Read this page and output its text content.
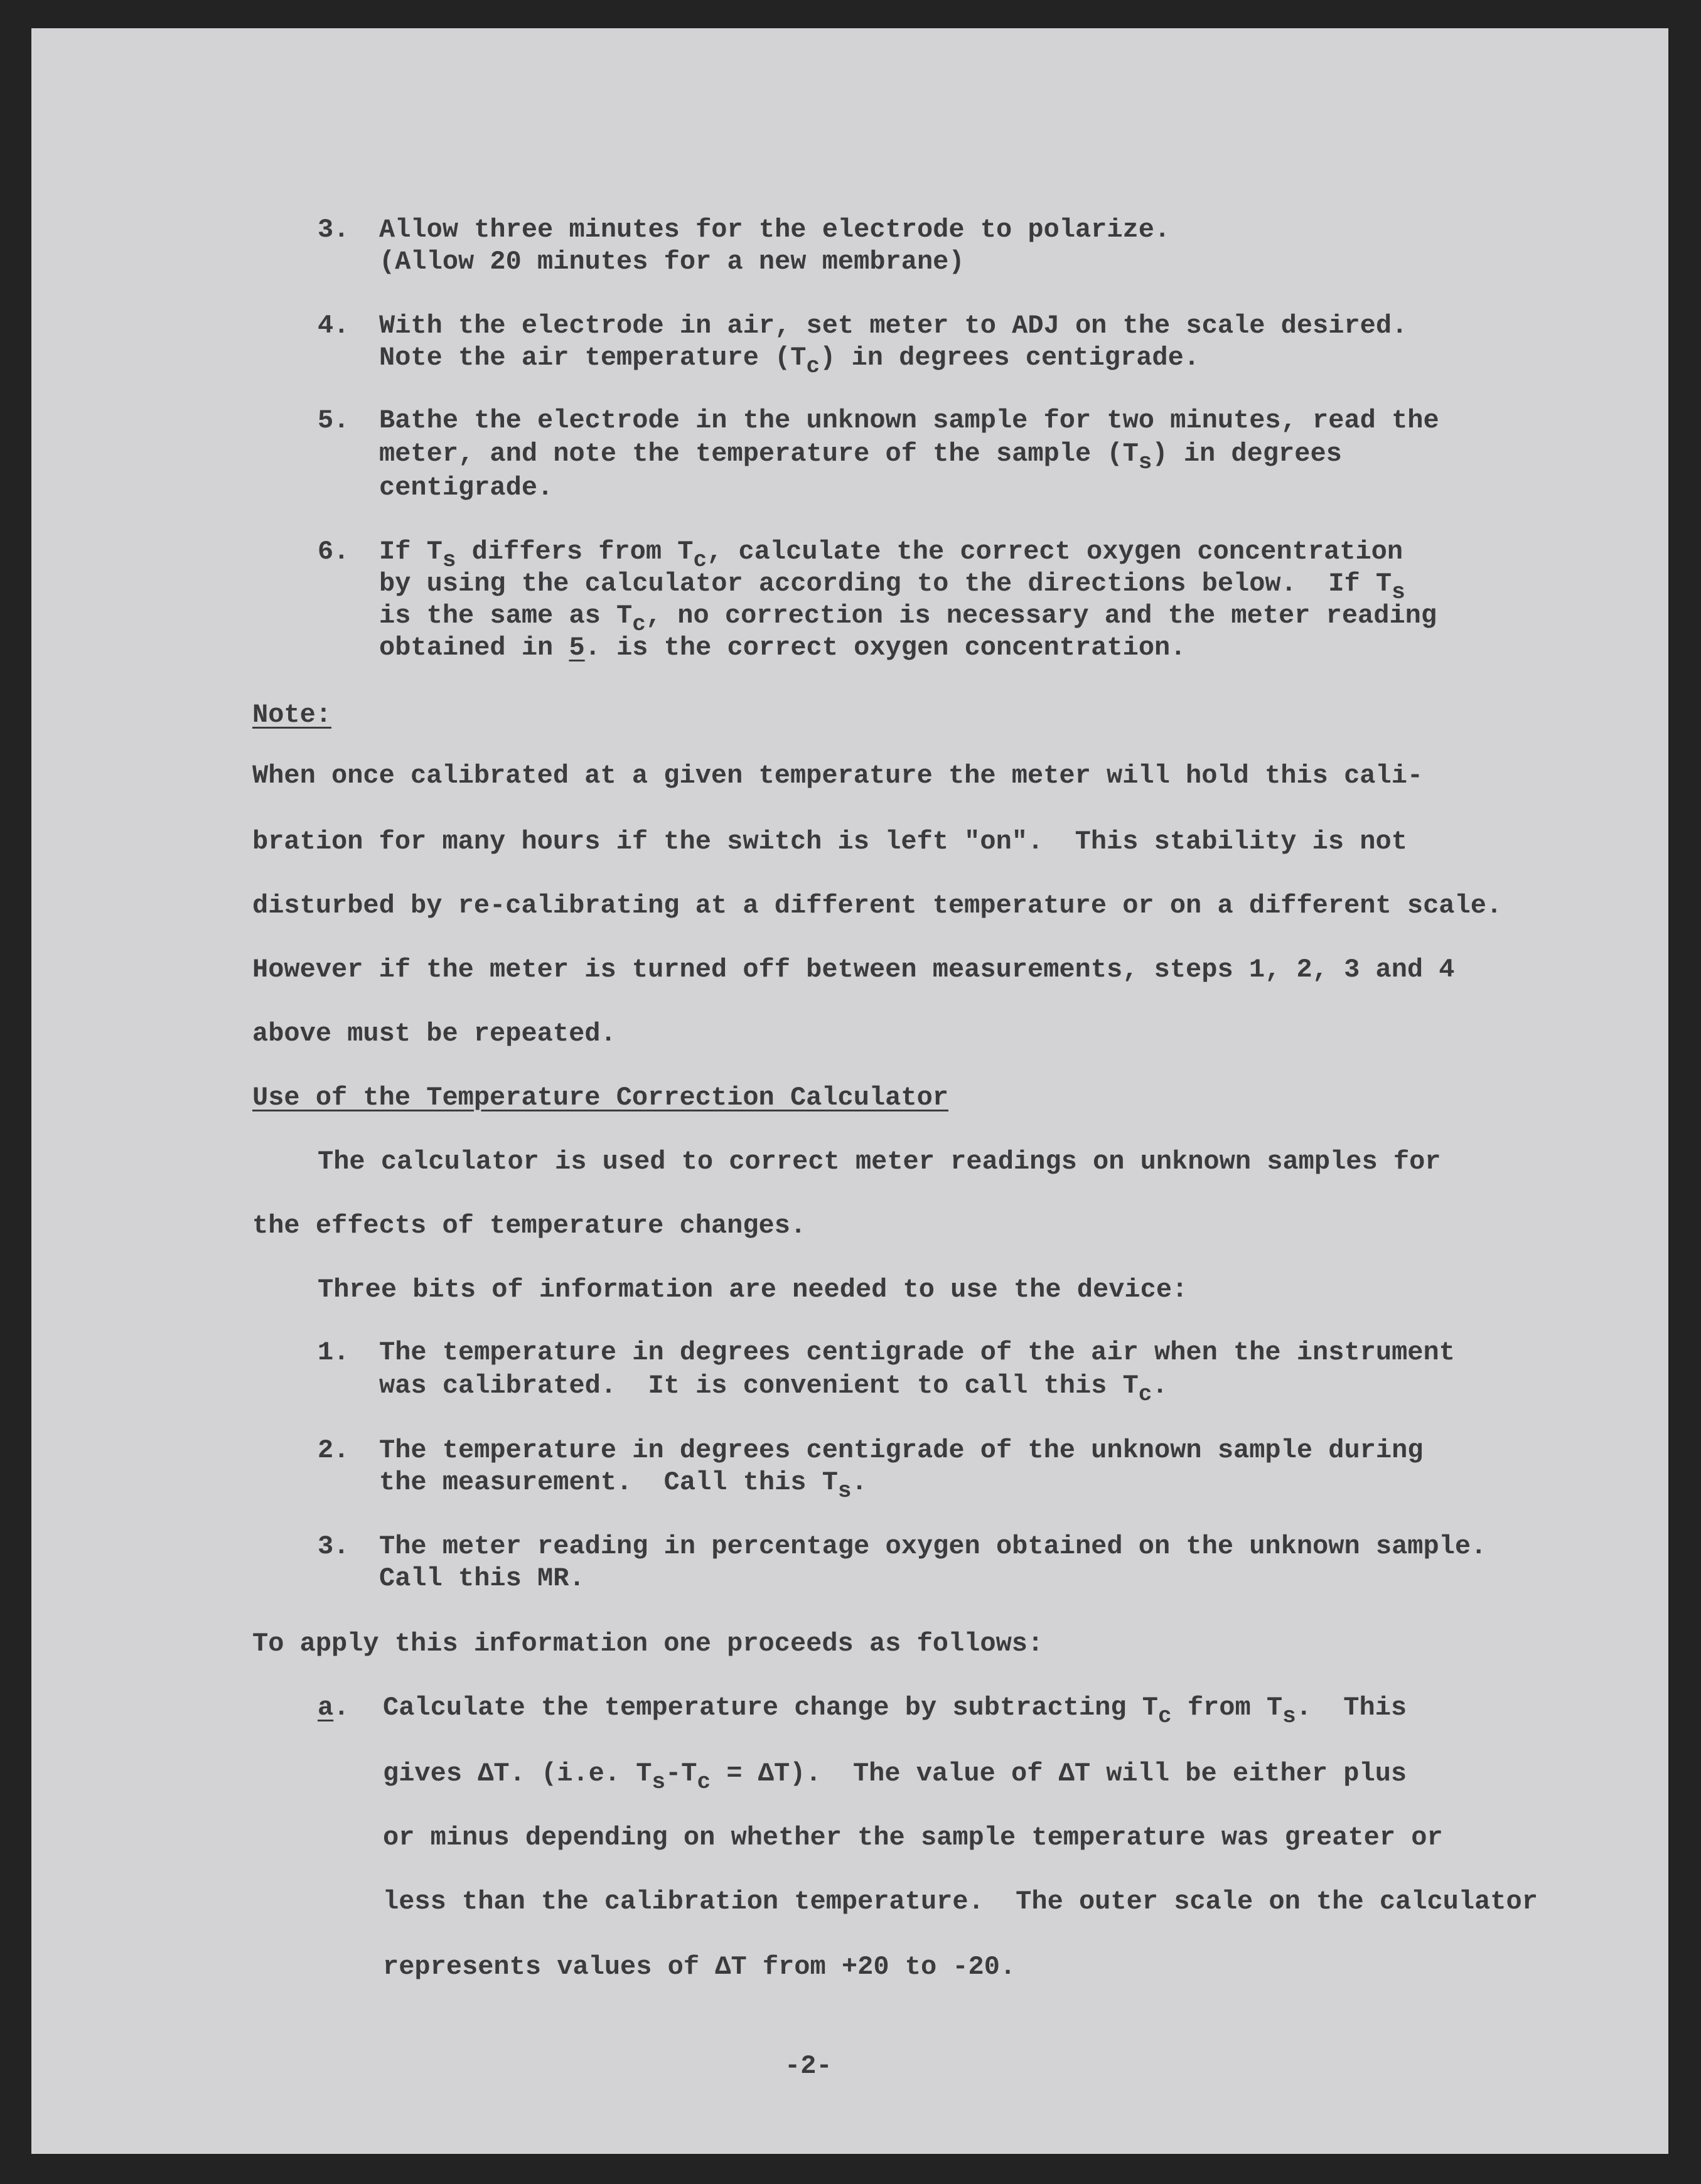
3. Allow three minutes for the electrode to polarize.
(Allow 20 minutes for a new membrane)
4. With the electrode in air, set meter to ADJ on the scale desired.
Note the air temperature $(T_c)$ in degrees centigrade.
5. Bathe the electrode in the unknown sample for two minutes, read the
meter, and note the temperature of the sample $(T_s)$ in degrees
centigrade.
6. If $T_s$ differs from $T_c$, calculate the correct oxygen concentration
by using the calculator according to the directions below.  If $T_s$
is the same as $T_c$, no correction is necessary and the meter reading
obtained in 5. is the correct oxygen concentration.
Note:
When once calibrated at a given temperature the meter will hold this cali-
bration for many hours if the switch is left "on".  This stability is not
disturbed by re-calibrating at a different temperature or on a different scale.
However if the meter is turned off between measurements, steps 1, 2, 3 and 4
above must be repeated.
Use of the Temperature Correction Calculator
The calculator is used to correct meter readings on unknown samples for
the effects of temperature changes.
Three bits of information are needed to use the device:
1. The temperature in degrees centigrade of the air when the instrument
was calibrated.  It is convenient to call this $T_c$.
2. The temperature in degrees centigrade of the unknown sample during
the measurement.  Call this $T_s$.
3. The meter reading in percentage oxygen obtained on the unknown sample.
Call this MR.
To apply this information one proceeds as follows:
a. Calculate the temperature change by subtracting $T_c$ from $T_s$.  This
gives ΔT. (i.e. $T_s-T_c = \Delta T$).  The value of ΔT will be either plus
or minus depending on whether the sample temperature was greater or
less than the calibration temperature.  The outer scale on the calculator
represents values of ΔT from +20 to -20.
-2-
